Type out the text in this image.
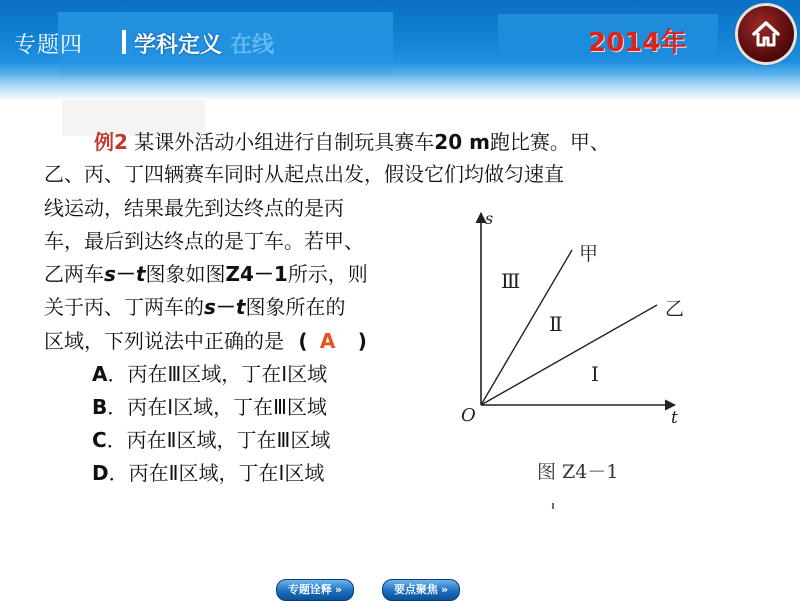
专题四 学科定义 在线	2014年
例2 某课外活动小组进行自制玩具赛车20 m跑比赛。甲、
乙、丙、丁四辆赛车同时从起点出发，假设它们均做匀速直
线运动，结果最先到达终点的是丙
车，最后到达终点的是丁车。若甲、
乙两车s－t图象如图Z4－1所示，则
关于丙、丁两车的s－t图象所在的
区域，下列说法中正确的是 ( A )
A．丙在Ⅲ区域，丁在Ⅰ区域
B．丙在Ⅰ区域，丁在Ⅲ区域
C．丙在Ⅱ区域，丁在Ⅲ区域
D．丙在Ⅱ区域，丁在Ⅰ区域
s
t
O
甲
乙
Ⅲ
Ⅱ
Ⅰ
图 Z4－1
专题诠释 »	要点聚焦 »
